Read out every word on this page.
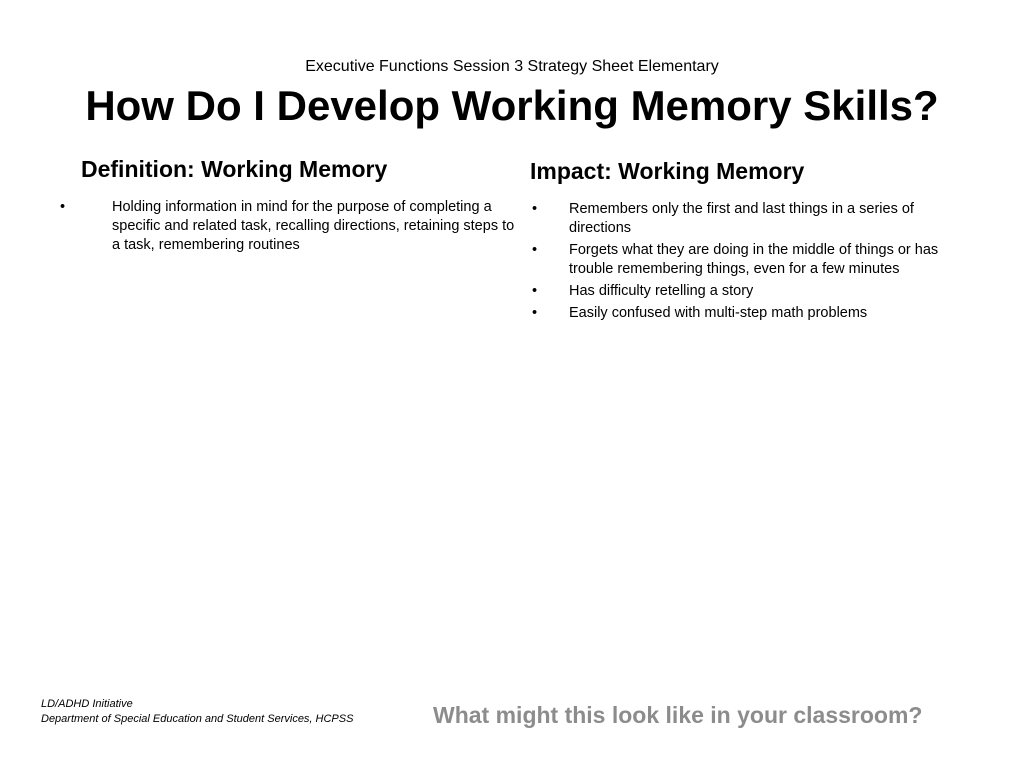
Executive Functions Session 3 Strategy Sheet Elementary
How Do I Develop Working Memory Skills?
Definition: Working Memory
•	Holding information in mind for the purpose of completing a specific and related task, recalling directions, retaining steps to a task, remembering routines
Impact: Working Memory
• Remembers only the first and last things in a series of directions
• Forgets what they are doing in the middle of things or has trouble remembering things, even for a few minutes
• Has difficulty retelling a story
• Easily confused with multi-step math problems
LD/ADHD Initiative
Department of Special Education and Student Services, HCPSS	What might this look like in your classroom?
